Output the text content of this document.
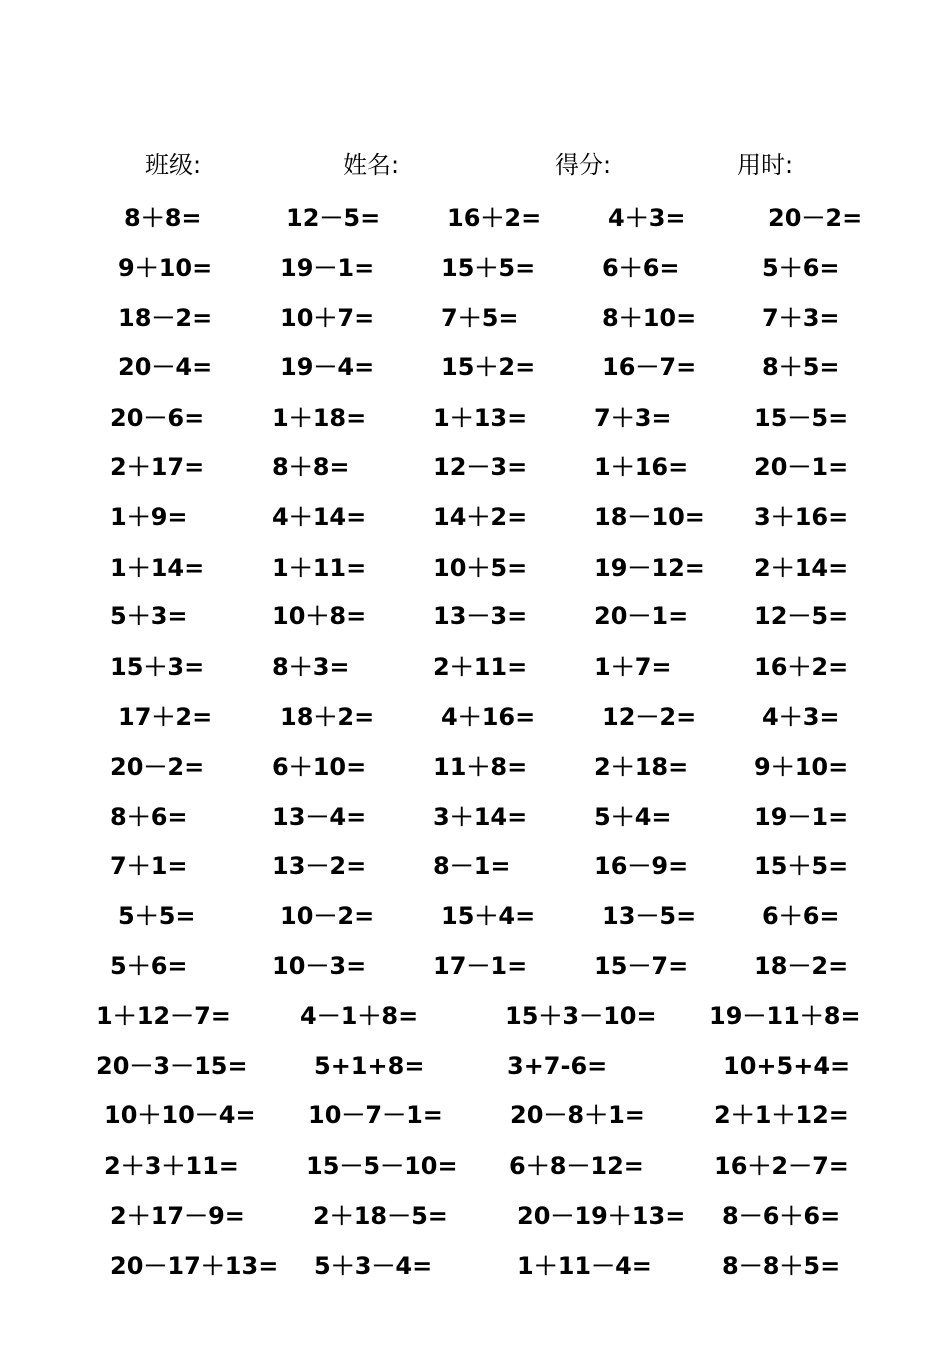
班级:	姓名:	得分:	用时:
8＋8=	12－5=	16＋2=	4＋3=	20－2=
9＋10=	19－1=	15＋5=	6＋6=	5＋6=
18－2=	10＋7=	7＋5=	8＋10=	7＋3=
20－4=	19－4=	15＋2=	16－7=	8＋5=
20－6=	1＋18=	1＋13=	7＋3=	15－5=
2＋17=	8＋8=	12－3=	1＋16=	20－1=
1＋9=	4＋14=	14＋2=	18－10= 3＋16=
1＋14=	1＋11=	10＋5=	19－12= 2＋14=
5＋3=	10＋8=	13－3=	20－1=	12－5=
15＋3=	8＋3=	2＋11=	1＋7=	16＋2=
17＋2=	18＋2=	4＋16=	12－2=	4＋3=
20－2=	6＋10=	11＋8=	2＋18=	9＋10=
8＋6=	13－4=	3＋14=	5＋4=	19－1=
7＋1=	13－2=	8－1=	16－9=	15＋5=
5＋5=	10－2=	15＋4=	13－5=	6＋6=
5＋6=	10－3=	17－1=	15－7=	18－2=
1＋12－7=	4－1＋8=	15＋3－10= 19－11＋8=
20－3－15=	5+1+8=	3+7-6=	10+5+4=
10＋10－4= 10－7－1=	20－8＋1=	2＋1＋12=
2＋3＋11=	15－5－10= 6＋8－12=	16＋2－7=
2＋17－9=	2＋18－5=	20－19＋13= 8－6＋6=
20－17＋13= 5＋3－4=	1＋11－4=	8－8＋5=
